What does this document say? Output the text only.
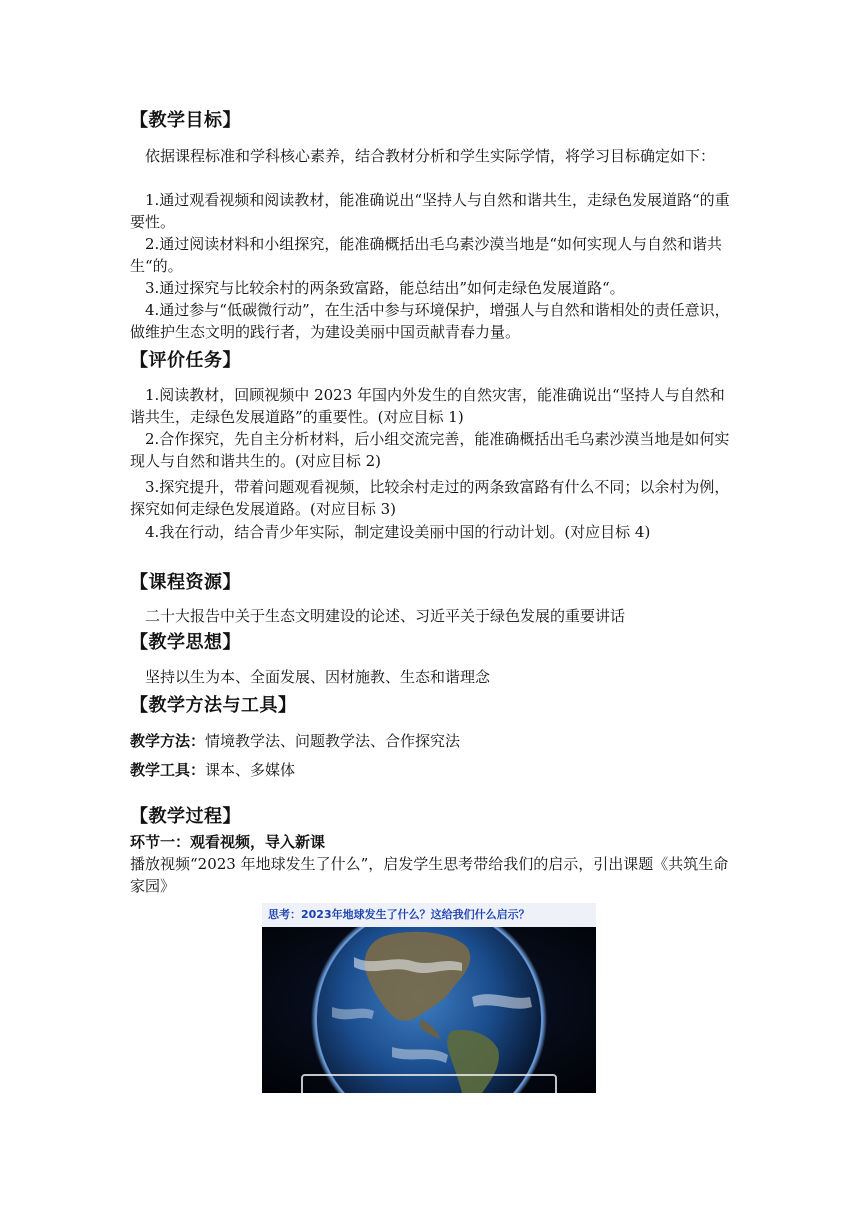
【教学目标】
依据课程标准和学科核心素养，结合教材分析和学生实际学情，将学习目标确定如下：
1.通过观看视频和阅读教材，能准确说出“坚持人与自然和谐共生，走绿色发展道路“的重要性。
2.通过阅读材料和小组探究，能准确概括出毛乌素沙漠当地是“如何实现人与自然和谐共生“的。
3.通过探究与比较余村的两条致富路，能总结出”如何走绿色发展道路“。
4.通过参与“低碳微行动”，在生活中参与环境保护，增强人与自然和谐相处的责任意识，做维护生态文明的践行者，为建设美丽中国贡献青春力量。
【评价任务】
1.阅读教材，回顾视频中 2023 年国内外发生的自然灾害，能准确说出“坚持人与自然和谐共生，走绿色发展道路”的重要性。(对应目标 1)
2.合作探究，先自主分析材料，后小组交流完善，能准确概括出毛乌素沙漠当地是如何实现人与自然和谐共生的。(对应目标 2)
3.探究提升，带着问题观看视频，比较余村走过的两条致富路有什么不同；以余村为例，探究如何走绿色发展道路。(对应目标 3)
4.我在行动，结合青少年实际，制定建设美丽中国的行动计划。(对应目标 4)
【课程资源】
二十大报告中关于生态文明建设的论述、习近平关于绿色发展的重要讲话
【教学思想】
坚持以生为本、全面发展、因材施教、生态和谐理念
【教学方法与工具】
教学方法：情境教学法、问题教学法、合作探究法
教学工具：课本、多媒体
【教学过程】
环节一：观看视频，导入新课
播放视频“2023 年地球发生了什么”，启发学生思考带给我们的启示，引出课题《共筑生命家园》
思考：2023年地球发生了什么？这给我们什么启示？
